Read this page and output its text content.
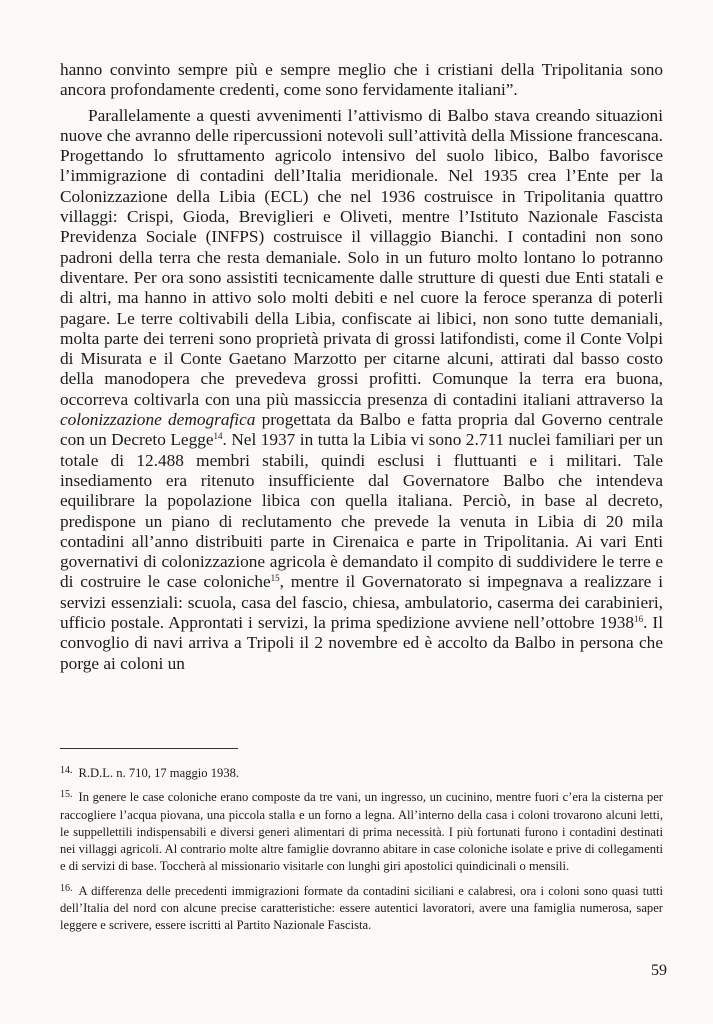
hanno convinto sempre più e sempre meglio che i cristiani della Tripolitania sono ancora profondamente credenti, come sono fervidamente italiani”.

Parallelamente a questi avvenimenti l’attivismo di Balbo stava creando situazioni nuove che avranno delle ripercussioni notevoli sull’attività della Missione francescana. Progettando lo sfruttamento agricolo intensivo del suolo libico, Balbo favorisce l’immigrazione di contadini dell’Italia meridionale. Nel 1935 crea l’Ente per la Colonizzazione della Libia (ECL) che nel 1936 costruisce in Tripolitania quattro villaggi: Crispi, Gioda, Breviglieri e Oliveti, mentre l’Istituto Nazionale Fascista Previdenza Sociale (INFPS) costruisce il villaggio Bianchi. I contadini non sono padroni della terra che resta demaniale. Solo in un futuro molto lontano lo potranno diventare. Per ora sono assistiti tecnicamente dalle strutture di questi due Enti statali e di altri, ma hanno in attivo solo molti debiti e nel cuore la feroce speranza di poterli pagare. Le terre coltivabili della Libia, confiscate ai libici, non sono tutte demaniali, molta parte dei terreni sono proprietà privata di grossi latifondisti, come il Conte Volpi di Misurata e il Conte Gaetano Marzotto per citarne alcuni, attirati dal basso costo della manodopera che prevedeva grossi profitti. Comunque la terra era buona, occorreva coltivarla con una più massiccia presenza di contadini italiani attraverso la colonizzazione demografica progettata da Balbo e fatta propria dal Governo centrale con un Decreto Legge$^{14}$. Nel 1937 in tutta la Libia vi sono 2.711 nuclei familiari per un totale di 12.488 membri stabili, quindi esclusi i fluttuanti e i militari. Tale insediamento era ritenuto insufficiente dal Governatore Balbo che intendeva equilibrare la popolazione libica con quella italiana. Perciò, in base al decreto, predispone un piano di reclutamento che prevede la venuta in Libia di 20 mila contadini all’anno distribuiti parte in Cirenaica e parte in Tripolitania. Ai vari Enti governativi di colonizzazione agricola è demandato il compito di suddividere le terre e di costruire le case coloniche$^{15}$, mentre il Governatorato si impegnava a realizzare i servizi essenziali: scuola, casa del fascio, chiesa, ambulatorio, caserma dei carabinieri, ufficio postale. Approntati i servizi, la prima spedizione avviene nell’ottobre 1938$^{16}$. Il convoglio di navi arriva a Tripoli il 2 novembre ed è accolto da Balbo in persona che porge ai coloni un

$^{14.}$ R.D.L. n. 710, 17 maggio 1938.

$^{15.}$ In genere le case coloniche erano composte da tre vani, un ingresso, un cucinino, mentre fuori c’era la cisterna per raccogliere l’acqua piovana, una piccola stalla e un forno a legna. All’interno della casa i coloni trovarono alcuni letti, le suppellettili indispensabili e diversi generi alimentari di prima necessità. I più fortunati furono i contadini destinati nei villaggi agricoli. Al contrario molte altre famiglie dovranno abitare in case coloniche isolate e prive di collegamenti e di servizi di base. Toccherà al missionario visitarle con lunghi giri apostolici quindicinali o mensili.

$^{16.}$ A differenza delle precedenti immigrazioni formate da contadini siciliani e calabresi, ora i coloni sono quasi tutti dell’Italia del nord con alcune precise caratteristiche: essere autentici lavoratori, avere una famiglia numerosa, saper leggere e scrivere, essere iscritti al Partito Nazionale Fascista.

59
